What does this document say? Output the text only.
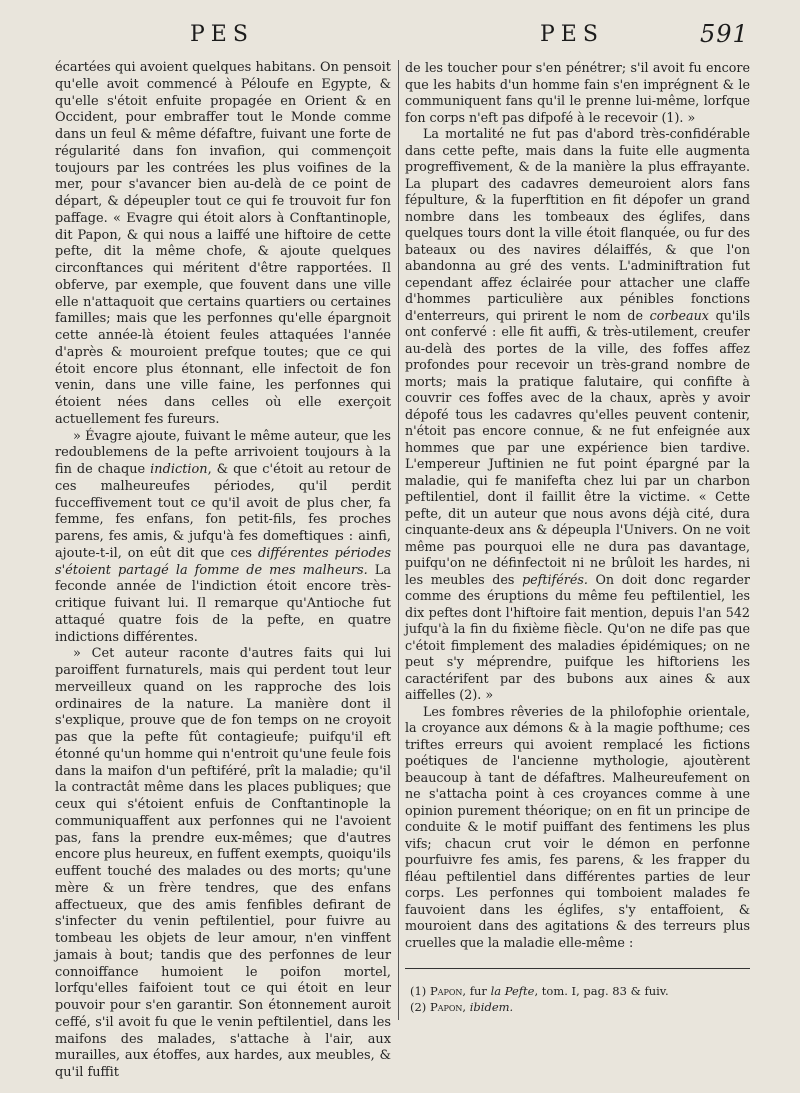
PES	PES	591

écartées qui avoient quelques habitans. On pensoit qu'elle avoit commencé à Péloufe en Egypte, & qu'elle s'étoit enfuite propagée en Orient & en Occident, pour embraffer tout le Monde comme dans un feul & même défaftre, fuivant une forte de régularité dans fon invafion, qui commençoit toujours par les contrées les plus voifines de la mer, pour s'avancer bien au-delà de ce point de départ, & dépeupler tout ce qui fe trouvoit fur fon paffage. « Evagre qui étoit alors à Conftantinople, dit Papon, & qui nous a laiffé une hiftoire de cette pefte, dit la même chofe, & ajoute quelques circonftances qui méritent d'être rapportées. Il obferve, par exemple, que fouvent dans une ville elle n'attaquoit que certains quartiers ou certaines familles; mais que les perfonnes qu'elle épargnoit cette année-là étoient feules attaquées l'année d'après & mouroient prefque toutes; que ce qui étoit encore plus étonnant, elle infectoit de fon venin, dans une ville faine, les perfonnes qui étoient nées dans celles où elle exerçoit actuellement fes fureurs.

» Évagre ajoute, fuivant le même auteur, que les redoublemens de la pefte arrivoient toujours à la fin de chaque indiction, & que c'étoit au retour de ces malheureufes périodes, qu'il perdit fucceffivement tout ce qu'il avoit de plus cher, fa femme, fes enfans, fon petit-fils, fes proches parens, fes amis, & jufqu'à fes domeftiques : ainfi, ajoute-t-il, on eût dit que ces différentes périodes s'étoient partagé la fomme de mes malheurs. La feconde année de l'indiction étoit encore très-critique fuivant lui. Il remarque qu'Antioche fut attaqué quatre fois de la pefte, en quatre indictions différentes.

» Cet auteur raconte d'autres faits qui lui paroiffent furnaturels, mais qui perdent tout leur merveilleux quand on les rapproche des lois ordinaires de la nature. La manière dont il s'explique, prouve que de fon temps on ne croyoit pas que la pefte fût contagieufe; puifqu'il eft étonné qu'un homme qui n'entroit qu'une feule fois dans la maifon d'un peftiféré, prît la maladie; qu'il la contractât même dans les places publiques; que ceux qui s'étoient enfuis de Conftantinople la communiquaffent aux perfonnes qui ne l'avoient pas, fans la prendre eux-mêmes; que d'autres encore plus heureux, en fuffent exempts, quoiqu'ils euffent touché des malades ou des morts; qu'une mère & un frère tendres, que des enfans affectueux, que des amis fenfibles defirant de s'infecter du venin peftilentiel, pour fuivre au tombeau les objets de leur amour, n'en vinffent jamais à bout; tandis que des perfonnes de leur connoiffance humoient le poifon mortel, lorfqu'elles faifoient tout ce qui étoit en leur pouvoir pour s'en garantir. Son étonnement auroit ceffé, s'il avoit fu que le venin peftilentiel, dans les maifons des malades, s'attache à l'air, aux murailles, aux étoffes, aux hardes, aux meubles, & qu'il fuffit

de les toucher pour s'en pénétrer; s'il avoit fu encore que les habits d'un homme fain s'en imprégnent & le communiquent fans qu'il le prenne lui-même, lorfque fon corps n'eft pas difpofé à le recevoir (1). »

La mortalité ne fut pas d'abord très-confidérable dans cette pefte, mais dans la fuite elle augmenta progreffivement, & de la manière la plus effrayante. La plupart des cadavres demeuroient alors fans fépulture, & la fuperftition en fit dépofer un grand nombre dans les tombeaux des églifes, dans quelques tours dont la ville étoit flanquée, ou fur des bateaux ou des navires délaiffés, & que l'on abandonna au gré des vents. L'adminiftration fut cependant affez éclairée pour attacher une claffe d'hommes particulière aux pénibles fonctions d'enterreurs, qui prirent le nom de corbeaux qu'ils ont confervé : elle fit auffi, & très-utilement, creufer au-delà des portes de la ville, des foffes affez profondes pour recevoir un très-grand nombre de morts; mais la pratique falutaire, qui confifte à couvrir ces foffes avec de la chaux, après y avoir dépofé tous les cadavres qu'elles peuvent contenir, n'étoit pas encore connue, & ne fut enfeignée aux hommes que par une expérience bien tardive. L'empereur Juftinien ne fut point épargné par la maladie, qui fe manifefta chez lui par un charbon peftilentiel, dont il faillit être la victime. « Cette pefte, dit un auteur que nous avons déjà cité, dura cinquante-deux ans & dépeupla l'Univers. On ne voit même pas pourquoi elle ne dura pas davantage, puifqu'on ne définfectoit ni ne brûloit les hardes, ni les meubles des peftiférés. On doit donc regarder comme des éruptions du même feu peftilentiel, les dix peftes dont l'hiftoire fait mention, depuis l'an 542 jufqu'à la fin du fixième fiècle. Qu'on ne dife pas que c'étoit fimplement des maladies épidémiques; on ne peut s'y méprendre, puifque les hiftoriens les caractérifent par des bubons aux aines & aux aiffelles (2). »

Les fombres rêveries de la philofophie orientale, la croyance aux démons & à la magie pofthume; ces triftes erreurs qui avoient remplacé les fictions poétiques de l'ancienne mythologie, ajoutèrent beaucoup à tant de défaftres. Malheureufement on ne s'attacha point à ces croyances comme à une opinion purement théorique; on en fit un principe de conduite & le motif puiffant des fentimens les plus vifs; chacun crut voir le démon en perfonne pourfuivre fes amis, fes parens, & les frapper du fléau peftilentiel dans différentes parties de leur corps. Les perfonnes qui tomboient malades fe fauvoient dans les églifes, s'y entaffoient, & mouroient dans des agitations & des terreurs plus cruelles que la maladie elle-même :

(1) Papon, fur la Pefte, tom. I, pag. 83 & fuiv.
(2) Papon, ibidem.
